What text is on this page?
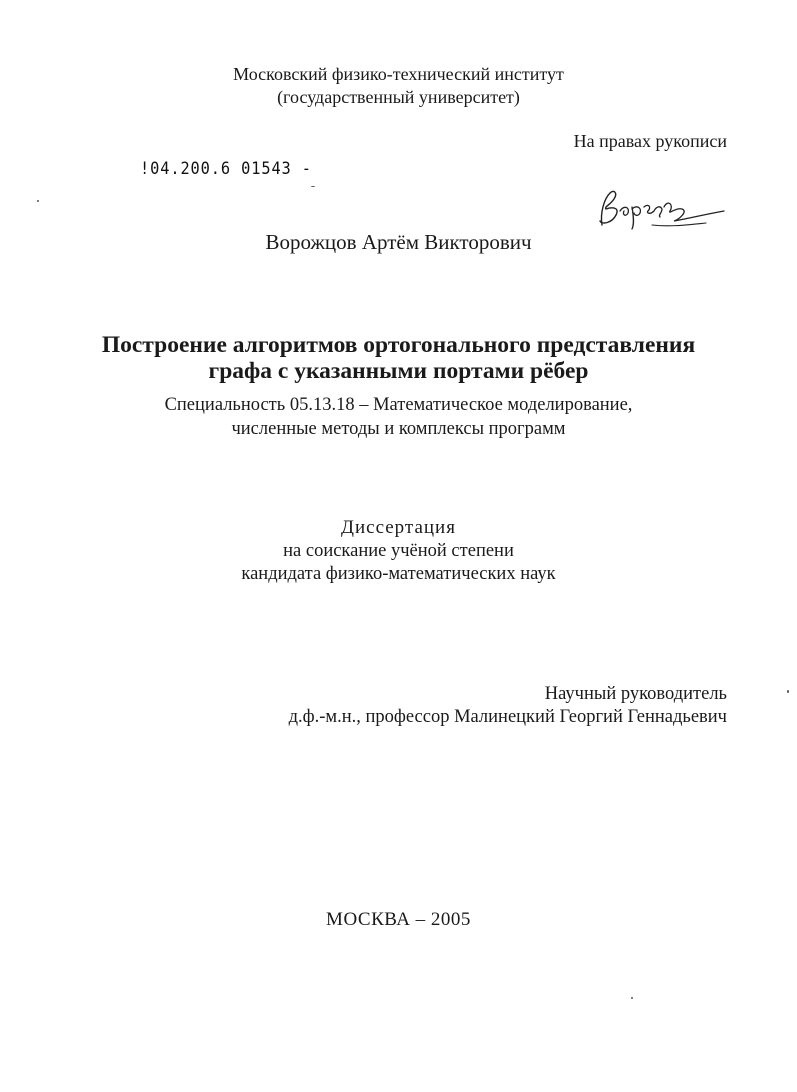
Московский физико-технический институт
(государственный университет)
На правах рукописи
!04.200.6 01543 -
Ворожцов Артём Викторович
Построение алгоритмов ортогонального представления
графа с указанными портами рёбер
Специальность 05.13.18 – Математическое моделирование,
численные методы и комплексы программ
Диссертация
на соискание учёной степени
кандидата физико-математических наук
Научный руководитель
д.ф.-м.н., профессор Малинецкий Георгий Геннадьевич
МОСКВА – 2005
